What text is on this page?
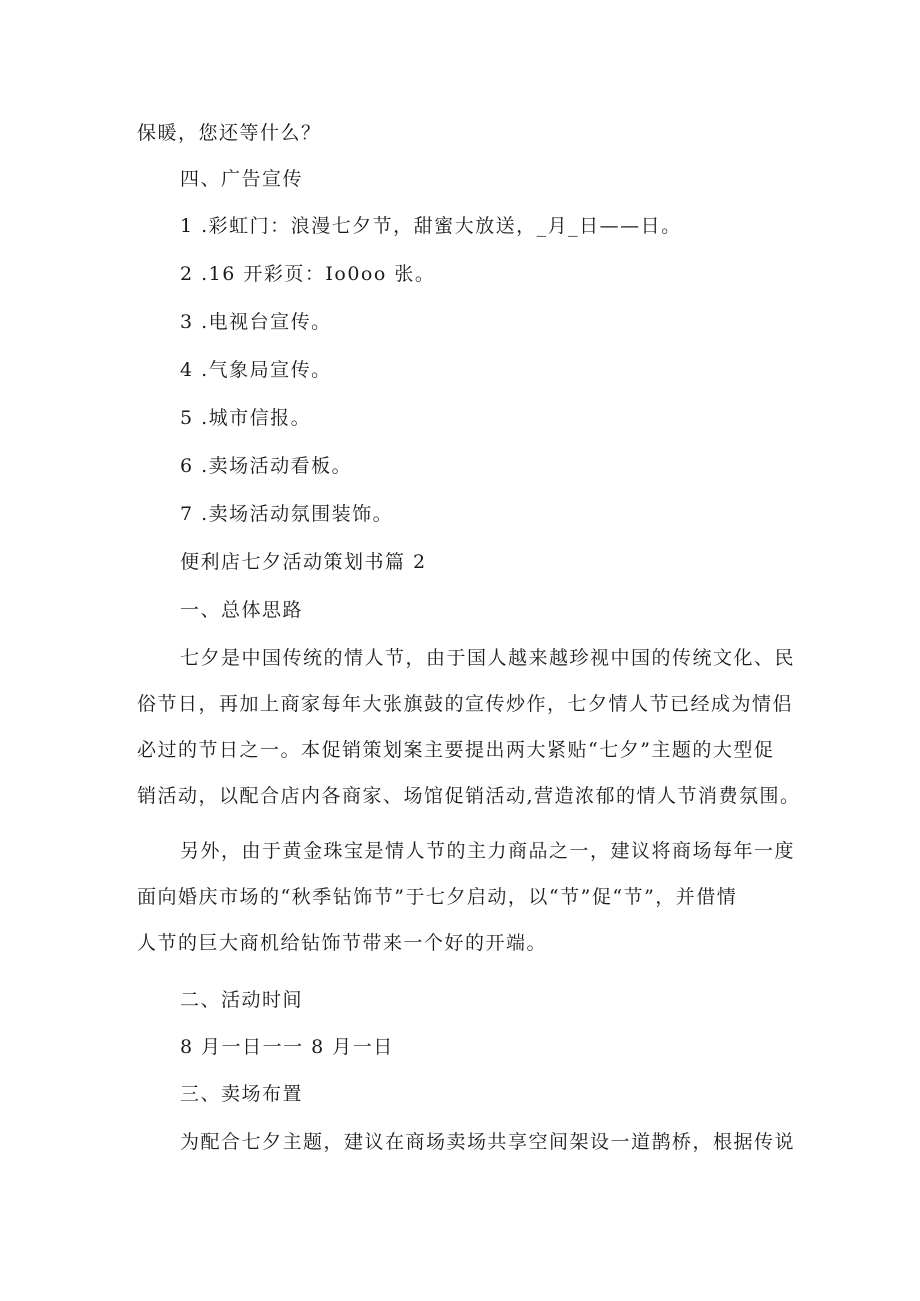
保暖，您还等什么？

四、广告宣传

1 .彩虹门：浪漫七夕节，甜蜜大放送，_月_日——日。

2 .16 开彩页：Io0oo 张。

3 .电视台宣传。

4 .气象局宣传。

5 .城市信报。

6 .卖场活动看板。

7 .卖场活动氛围装饰。

便利店七夕活动策划书篇 2

一、总体思路

七夕是中国传统的情人节，由于国人越来越珍视中国的传统文化、民

俗节日，再加上商家每年大张旗鼓的宣传炒作，七夕情人节已经成为情侣

必过的节日之一。本促销策划案主要提出两大紧贴“七夕”主题的大型促

销活动，以配合店内各商家、场馆促销活动,营造浓郁的情人节消费氛围。

另外，由于黄金珠宝是情人节的主力商品之一，建议将商场每年一度

面向婚庆市场的“秋季钻饰节”于七夕启动，以“节”促“节”，并借情

人节的巨大商机给钻饰节带来一个好的开端。

二、活动时间

8 月一日一一 8 月一日

三、卖场布置

为配合七夕主题，建议在商场卖场共享空间架设一道鹊桥，根据传说
